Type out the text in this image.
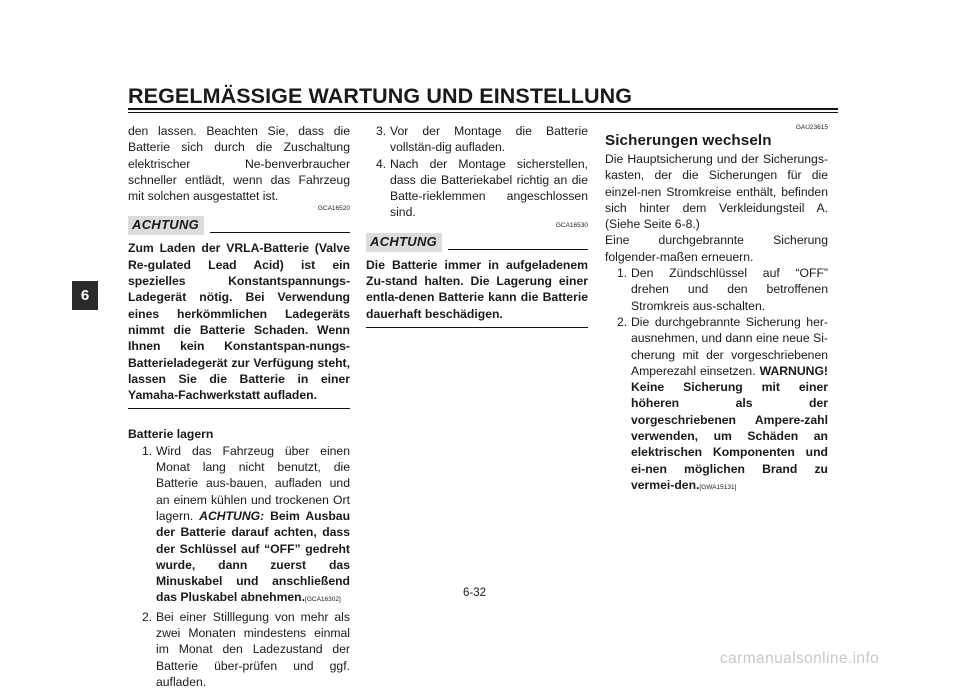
REGELMÄSSIGE WARTUNG UND EINSTELLUNG
6

den lassen. Beachten Sie, dass die Batterie sich durch die Zuschaltung elektrischer Ne-benverbraucher schneller entlädt, wenn das Fahrzeug mit solchen ausgestattet ist.

GCA16520
ACHTUNG

Zum Laden der VRLA-Batterie (Valve Re-gulated Lead Acid) ist ein spezielles Konstantspannungs-Ladegerät nötig. Bei Verwendung eines herkömmlichen Ladegeräts nimmt die Batterie Schaden. Wenn Ihnen kein Konstantspan-nungs-Batterieladegerät zur Verfügung steht, lassen Sie die Batterie in einer Yamaha-Fachwerkstatt aufladen.

Batterie lagern
1. Wird das Fahrzeug über einen Monat lang nicht benutzt, die Batterie aus-bauen, aufladen und an einem kühlen und trockenen Ort lagern. ACHTUNG: Beim Ausbau der Batterie darauf achten, dass der Schlüssel auf “OFF” gedreht wurde, dann zuerst das Minuskabel und anschließend das Pluskabel abnehmen.[GCA16302]
2. Bei einer Stilllegung von mehr als zwei Monaten mindestens einmal im Monat den Ladezustand der Batterie über-prüfen und ggf. aufladen.
3. Vor der Montage die Batterie vollstän-dig aufladen.
4. Nach der Montage sicherstellen, dass die Batteriekabel richtig an die Batte-rieklemmen angeschlossen sind.
GCA16530
ACHTUNG

Die Batterie immer in aufgeladenem Zu-stand halten. Die Lagerung einer entla-denen Batterie kann die Batterie dauerhaft beschädigen.

GAU23615
Sicherungen wechseln

Die Hauptsicherung und der Sicherungs-kasten, der die Sicherungen für die einzel-nen Stromkreise enthält, befinden sich hinter dem Verkleidungsteil A. (Siehe Seite 6-8.)

Eine durchgebrannte Sicherung folgender-maßen erneuern.

1. Den Zündschlüssel auf “OFF” drehen und den betroffenen Stromkreis aus-schalten.
2. Die durchgebrannte Sicherung her-ausnehmen, und dann eine neue Si-cherung mit der vorgeschriebenen Amperezahl einsetzen. WARNUNG! Keine Sicherung mit einer höheren als der vorgeschriebenen Ampere-zahl verwenden, um Schäden an elektrischen Komponenten und ei-nen möglichen Brand zu vermei-den.[GWA15131]
6-32
carmanualsonline.info
